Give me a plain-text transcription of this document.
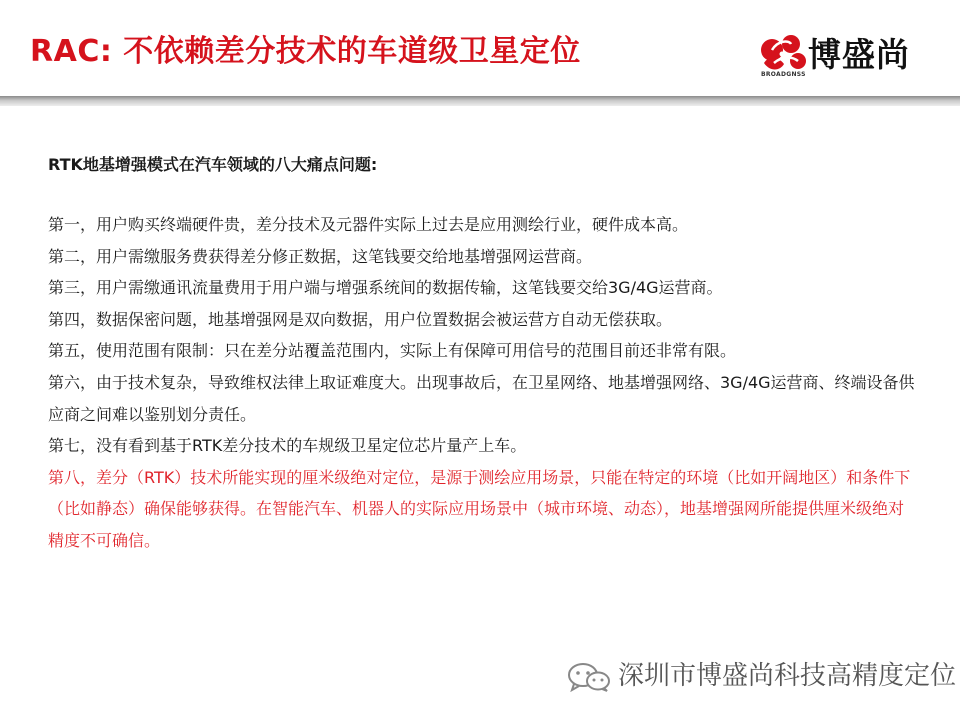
RAC: 不依赖差分技术的车道级卫星定位	博盛尚
BROADGNSS
RTK地基增强模式在汽车领域的八大痛点问题:
第一，用户购买终端硬件贵，差分技术及元器件实际上过去是应用测绘行业，硬件成本高。
第二，用户需缴服务费获得差分修正数据，这笔钱要交给地基增强网运营商。
第三，用户需缴通讯流量费用于用户端与增强系统间的数据传输，这笔钱要交给3G/4G运营商。
第四，数据保密问题，地基增强网是双向数据，用户位置数据会被运营方自动无偿获取。
第五，使用范围有限制：只在差分站覆盖范围内，实际上有保障可用信号的范围目前还非常有限。
第六，由于技术复杂，导致维权法律上取证难度大。出现事故后，在卫星网络、地基增强网络、3G/4G运营商、终端设备供应商之间难以鉴别划分责任。
第七，没有看到基于RTK差分技术的车规级卫星定位芯片量产上车。
第八，差分（RTK）技术所能实现的厘米级绝对定位，是源于测绘应用场景，只能在特定的环境（比如开阔地区）和条件下（比如静态）确保能够获得。在智能汽车、机器人的实际应用场景中（城市环境、动态），地基增强网所能提供厘米级绝对精度不可确信。
深圳市博盛尚科技高精度定位
